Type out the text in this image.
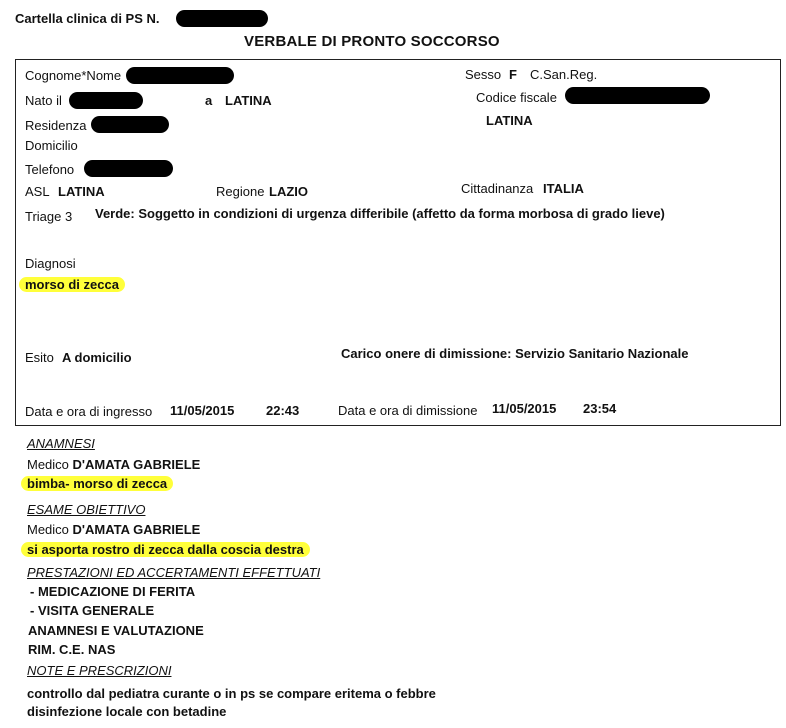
Cartella clinica di PS N.
VERBALE DI PRONTO SOCCORSO
Cognome*Nome	Sesso F C.San.Reg.
Nato il	a LATINA	Codice fiscale
Residenza	LATINA
Domicilio
Telefono
ASL LATINA	Regione LAZIO	Cittadinanza ITALIA
Triage 3 Verde: Soggetto in condizioni di urgenza differibile (affetto da forma morbosa di grado lieve)
Diagnosi
morso di zecca
Esito A domicilio	Carico onere di dimissione: Servizio Sanitario Nazionale
Data e ora di ingresso 11/05/2015 22:43	Data e ora di dimissione 11/05/2015 23:54
ANAMNESI
Medico D'AMATA GABRIELE
bimba- morso di zecca
ESAME OBIETTIVO
Medico D'AMATA GABRIELE
si asporta rostro di zecca dalla coscia destra
PRESTAZIONI ED ACCERTAMENTI EFFETTUATI
- MEDICAZIONE DI FERITA
- VISITA GENERALE
ANAMNESI E VALUTAZIONE
RIM. C.E. NAS
NOTE E PRESCRIZIONI
controllo dal pediatra curante o in ps se compare eritema o febbre
disinfezione locale con betadine
